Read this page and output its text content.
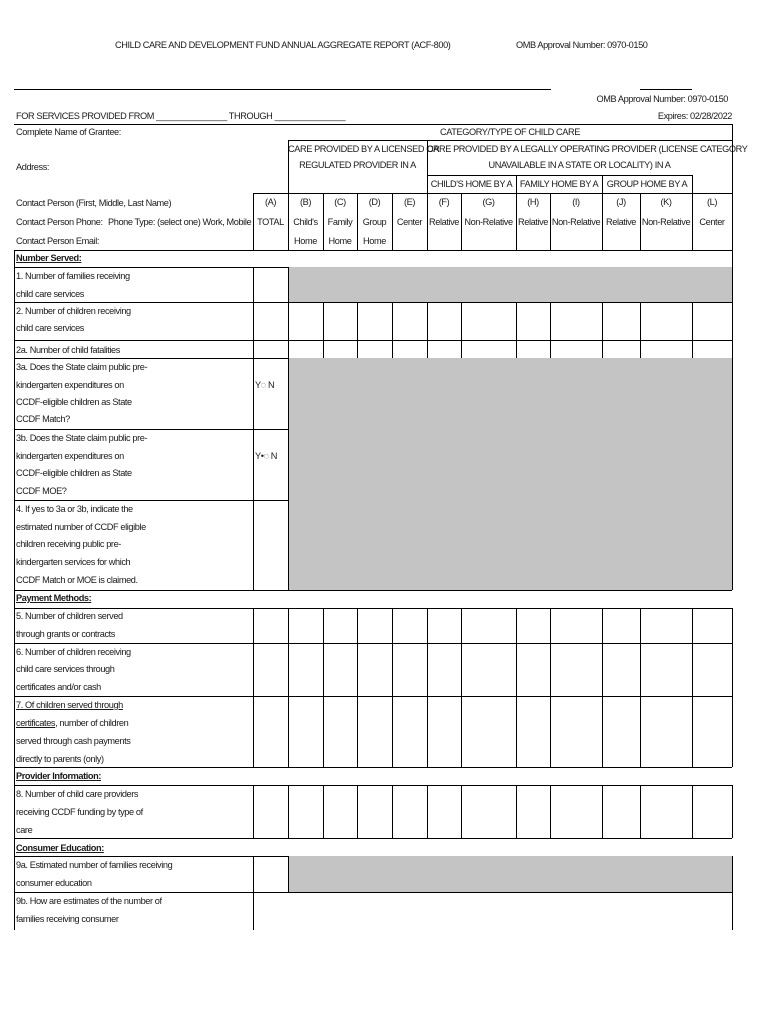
CHILD CARE AND DEVELOPMENT FUND ANNUAL AGGREGATE REPORT (ACF-800)	OMB Approval Number: 0970-0150
OMB Approval Number: 0970-0150
Expires: 02/28/2022
FOR SERVICES PROVIDED FROM _______________ THROUGH _______________
Complete Name of Grantee:
Address:
Contact Person (First, Middle, Last Name)
Contact Person Phone: Phone Type: (select one) Work, Mobile
Contact Person Email:
CATEGORY/TYPE OF CHILD CARE
CARE PROVIDED BY A LICENSED OR
REGULATED PROVIDER IN A
CARE PROVIDED BY A LEGALLY OPERATING PROVIDER (LICENSE CATEGORY
UNAVAILABLE IN A STATE OR LOCALITY) IN A
CHILD'S HOME BY A FAMILY HOME BY A GROUP HOME BY A
(A)
TOTAL
(B)
Child's
Home
(C)
Family
Home
(D)
Group
Home
(E)
Center
(F)
Relative
(G)
Non-Relative
(H)
Relative
(I)
Non-Relative
(J)
Relative
(K)
Non-Relative
(L)
Center
Number Served:
1. Number of families receiving
child care services
2. Number of children receiving
child care services
2a. Number of child fatalities
3a. Does the State claim public pre-
kindergarten expenditures on
CCDF-eligible children as State
CCDF Match?
Y◌ N
3b. Does the State claim public pre-
kindergarten expenditures on
CCDF-eligible children as State
CCDF MOE?
Y•◌ N
4. If yes to 3a or 3b, indicate the
estimated number of CCDF eligible
children receiving public pre-
kindergarten services for which
CCDF Match or MOE is claimed.
Payment Methods:
5. Number of children served
through grants or contracts
6. Number of children receiving
child care services through
certificates and/or cash
7. Of children served through
certificates, number of children
served through cash payments
directly to parents (only)
Provider Information:
8. Number of child care providers
receiving CCDF funding by type of
care
Consumer Education:
9a. Estimated number of families receiving
consumer education
9b. How are estimates of the number of
families receiving consumer
